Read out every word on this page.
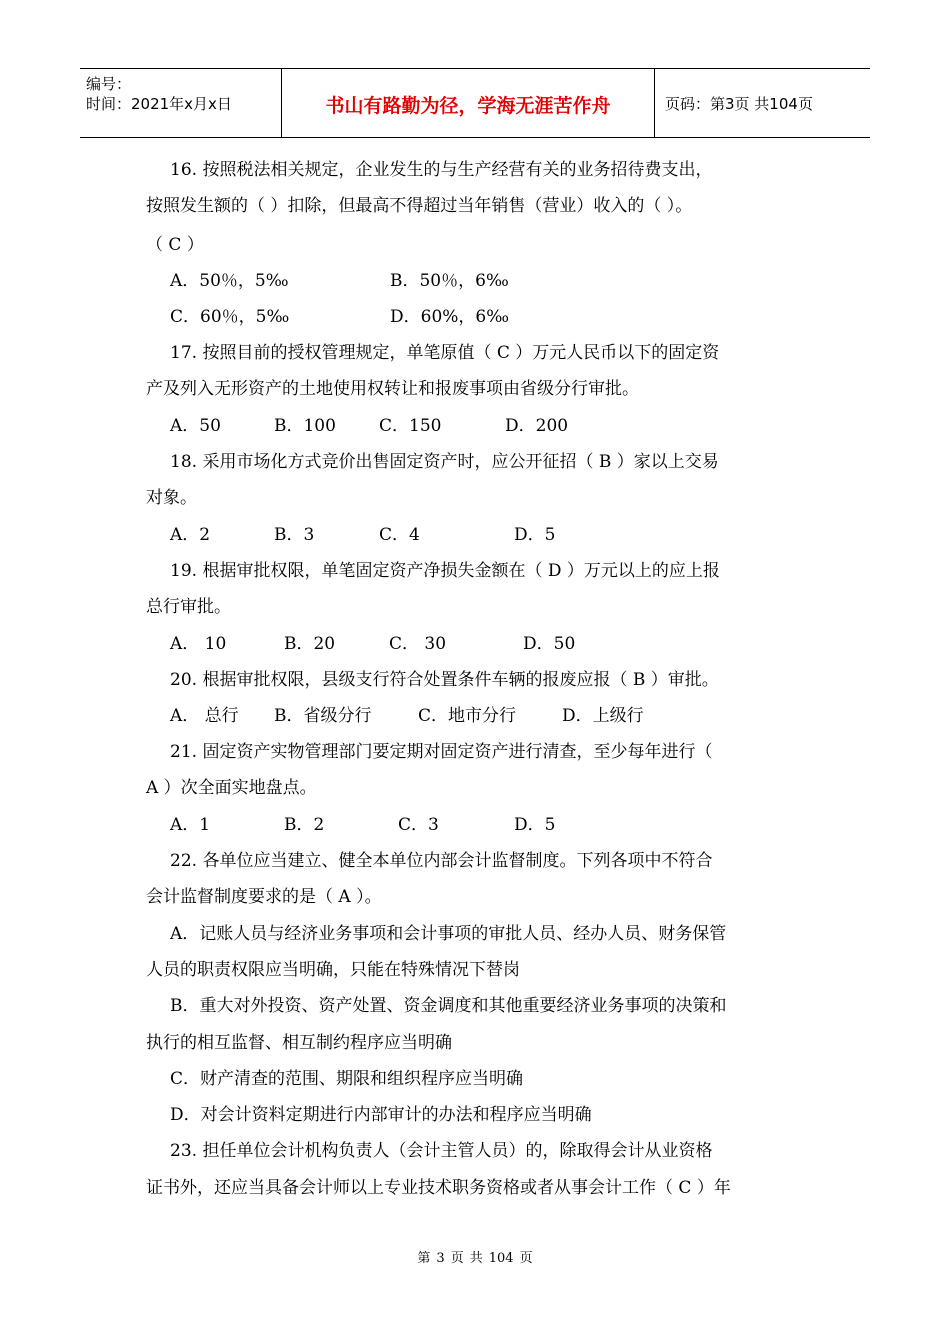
编号：
时间：2021年x月x日	书山有路勤为径，学海无涯苦作舟	页码：第3页 共104页
16. 按照税法相关规定，企业发生的与生产经营有关的业务招待费支出，
按照发生额的（ ）扣除，但最高不得超过当年销售（营业）收入的（ ）。
（ C ）
A．50％，5‰	B．50％，6‰
C．60％，5‰	D．60%，6‰
17. 按照目前的授权管理规定，单笔原值（ C ）万元人民币以下的固定资
产及列入无形资产的土地使用权转让和报废事项由省级分行审批。
A．50	B．100	C．150	D．200
18. 采用市场化方式竞价出售固定资产时，应公开征招（ B ）家以上交易
对象。
A．2	B．3	C．4	D．5
19. 根据审批权限，单笔固定资产净损失金额在（ D ）万元以上的应上报
总行审批。
A． 10	B．20	C． 30	D．50
20. 根据审批权限，县级支行符合处置条件车辆的报废应报（ B ）审批。
A． 总行 B．省级分行	C．地市分行	D．上级行
21. 固定资产实物管理部门要定期对固定资产进行清查，至少每年进行（
A ）次全面实地盘点。
A．1	B．2	C．3	D．5
22. 各单位应当建立、健全本单位内部会计监督制度。下列各项中不符合
会计监督制度要求的是（ A ）。
A．记账人员与经济业务事项和会计事项的审批人员、经办人员、财务保管
人员的职责权限应当明确，只能在特殊情况下替岗
B．重大对外投资、资产处置、资金调度和其他重要经济业务事项的决策和
执行的相互监督、相互制约程序应当明确
C．财产清查的范围、期限和组织程序应当明确
D．对会计资料定期进行内部审计的办法和程序应当明确
23. 担任单位会计机构负责人（会计主管人员）的，除取得会计从业资格
证书外，还应当具备会计师以上专业技术职务资格或者从事会计工作（ C ）年
第 3 页 共 104 页
